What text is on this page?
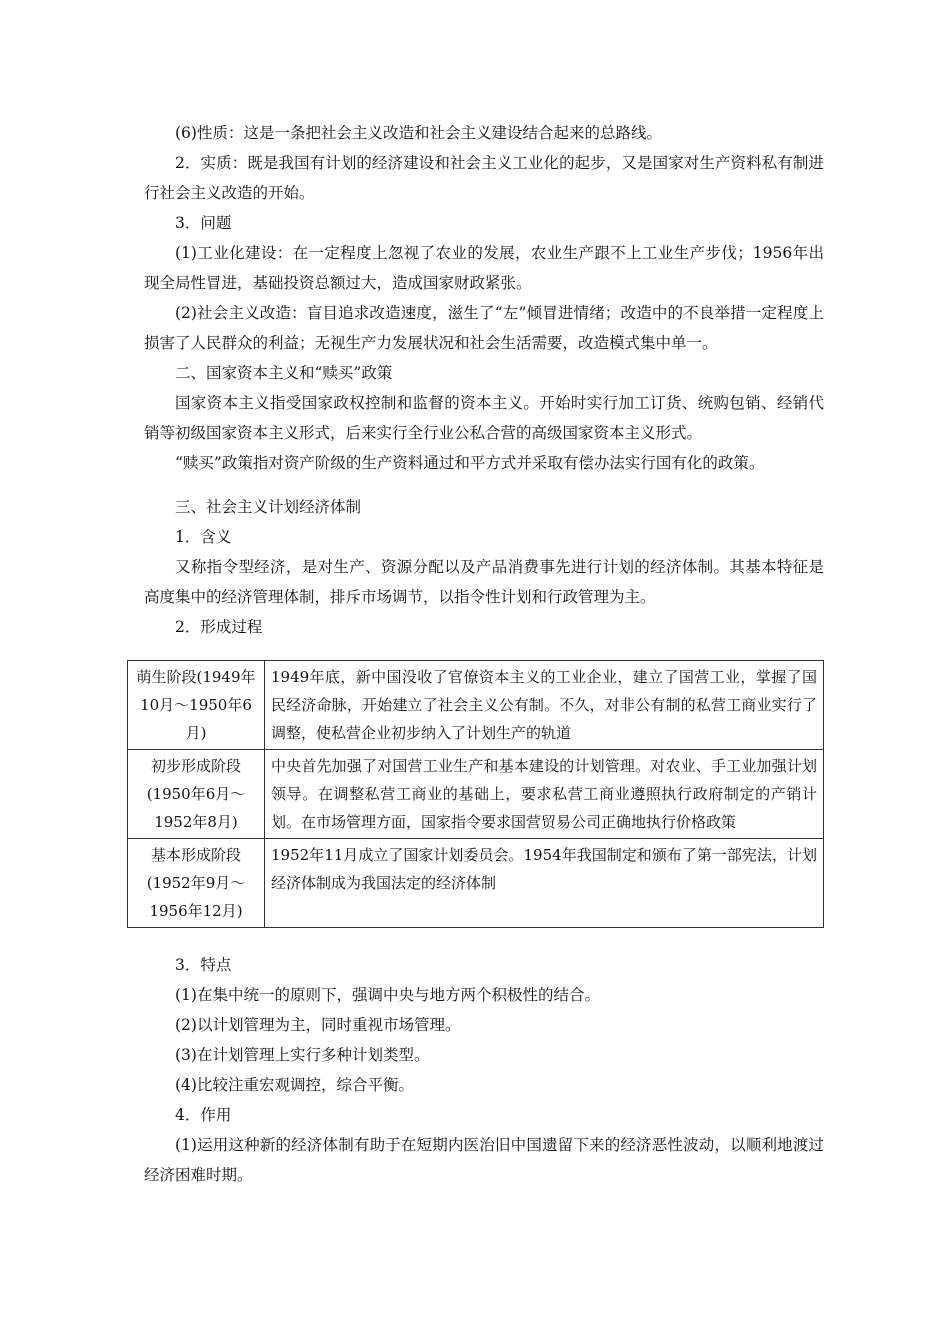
(6)性质：这是一条把社会主义改造和社会主义建设结合起来的总路线。

2．实质：既是我国有计划的经济建设和社会主义工业化的起步，又是国家对生产资料私有制进行社会主义改造的开始。

3．问题

(1)工业化建设：在一定程度上忽视了农业的发展，农业生产跟不上工业生产步伐；1956年出现全局性冒进，基础投资总额过大，造成国家财政紧张。

(2)社会主义改造：盲目追求改造速度，滋生了“左”倾冒进情绪；改造中的不良举措一定程度上损害了人民群众的利益；无视生产力发展状况和社会生活需要，改造模式集中单一。

二、国家资本主义和“赎买”政策

国家资本主义指受国家政权控制和监督的资本主义。开始时实行加工订货、统购包销、经销代销等初级国家资本主义形式，后来实行全行业公私合营的高级国家资本主义形式。

“赎买”政策指对资产阶级的生产资料通过和平方式并采取有偿办法实行国有化的政策。

三、社会主义计划经济体制

1．含义

又称指令型经济，是对生产、资源分配以及产品消费事先进行计划的经济体制。其基本特征是高度集中的经济管理体制，排斥市场调节，以指令性计划和行政管理为主。

2．形成过程

萌生阶段(1949年10月～1950年6月)	1949年底，新中国没收了官僚资本主义的工业企业，建立了国营工业，掌握了国民经济命脉，开始建立了社会主义公有制。不久，对非公有制的私营工商业实行了调整，使私营企业初步纳入了计划生产的轨道
初步形成阶段(1950年6月～1952年8月)	中央首先加强了对国营工业生产和基本建设的计划管理。对农业、手工业加强计划领导。在调整私营工商业的基础上，要求私营工商业遵照执行政府制定的产销计划。在市场管理方面，国家指令要求国营贸易公司正确地执行价格政策
基本形成阶段(1952年9月～1956年12月)	1952年11月成立了国家计划委员会。1954年我国制定和颁布了第一部宪法，计划经济体制成为我国法定的经济体制

3．特点

(1)在集中统一的原则下，强调中央与地方两个积极性的结合。

(2)以计划管理为主，同时重视市场管理。

(3)在计划管理上实行多种计划类型。

(4)比较注重宏观调控，综合平衡。

4．作用

(1)运用这种新的经济体制有助于在短期内医治旧中国遗留下来的经济恶性波动，以顺利地渡过经济困难时期。
